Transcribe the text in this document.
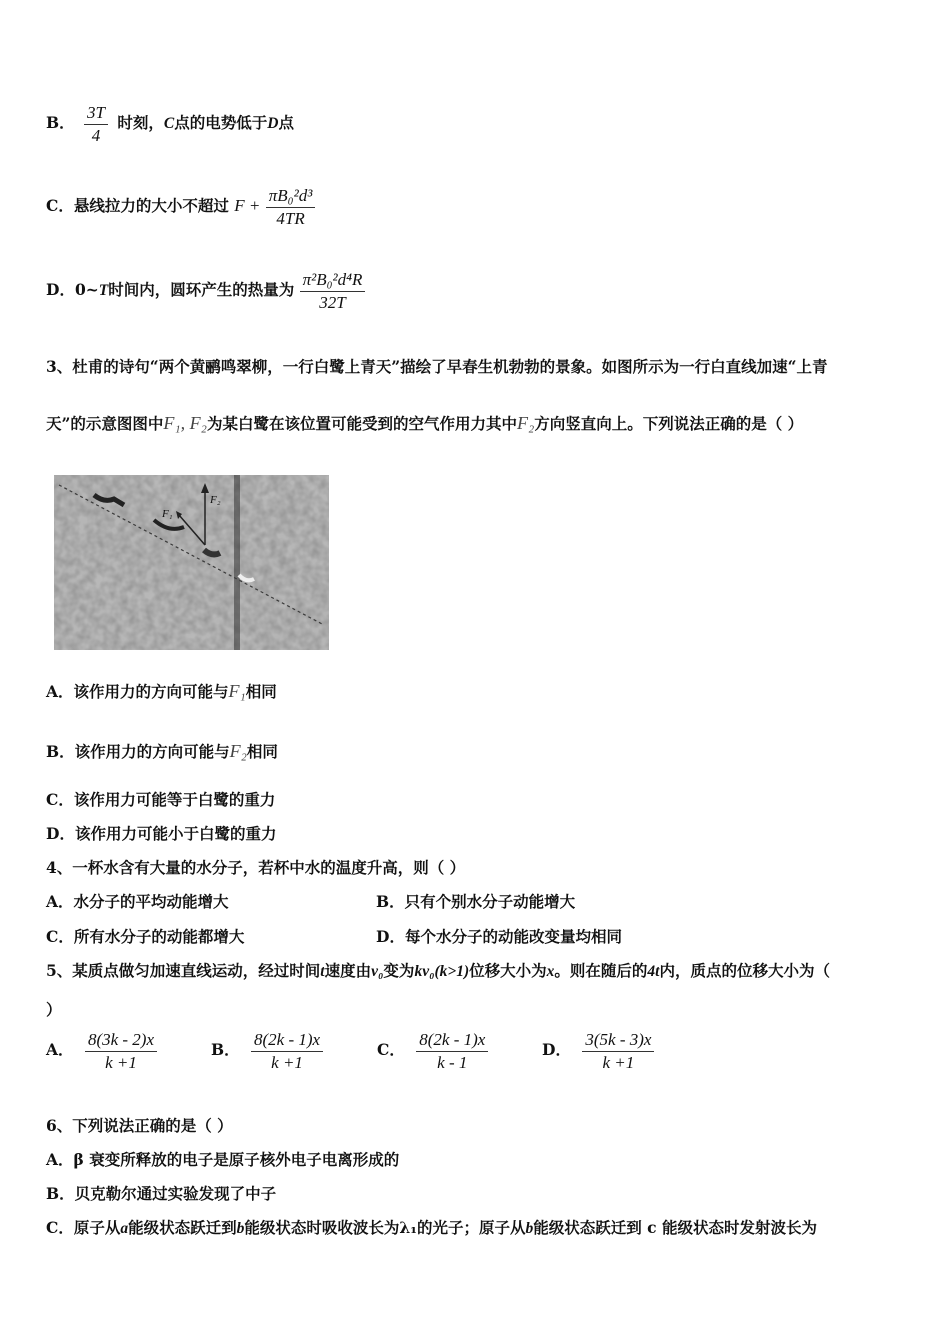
B． $\frac{3T}{4}$ 时刻，C点的电势低于D点
C．悬线拉力的大小不超过 $F + \frac{\text{πB₀²d³}}{4TR}$
D．0~T时间内，圆环产生的热量为 $\frac{\text{π²B₀²d⁴R}}{32T}$
3、杜甫的诗句“两个黄鹂鸣翠柳，一行白鹭上青天”描绘了早春生机勃勃的景象。如图所示为一行白直线加速“上青
天”的示意图图中F₁, F₂为某白鹭在该位置可能受到的空气作用力其中F₂方向竖直向上。下列说法正确的是（ ）
F₁
F₂
A．该作用力的方向可能与F₁相同
B．该作用力的方向可能与F₂相同
C．该作用力可能等于白鹭的重力
D．该作用力可能小于白鹭的重力
4、一杯水含有大量的水分子，若杯中水的温度升高，则（ ）
A．水分子的平均动能增大	B．只有个别水分子动能增大
C．所有水分子的动能都增大	D．每个水分子的动能改变量均相同
5、某质点做匀加速直线运动，经过时间t速度由v₀变为kv₀(k>1)位移大小为x。则在随后的4t内，质点的位移大小为（
）
A． $\frac{8(3k - 2)x}{k +1}$	B． $\frac{8(2k - 1)x}{k +1}$	C． $\frac{8(2k - 1)x}{k - 1}$	D． $\frac{3(5k - 3)x}{k +1}$
6、下列说法正确的是（ ）
A．β 衰变所释放的电子是原子核外电子电离形成的
B．贝克勒尔通过实验发现了中子
C．原子从a能级状态跃迁到b能级状态时吸收波长为λ₁的光子；原子从b能级状态跃迁到 c 能级状态时发射波长为
